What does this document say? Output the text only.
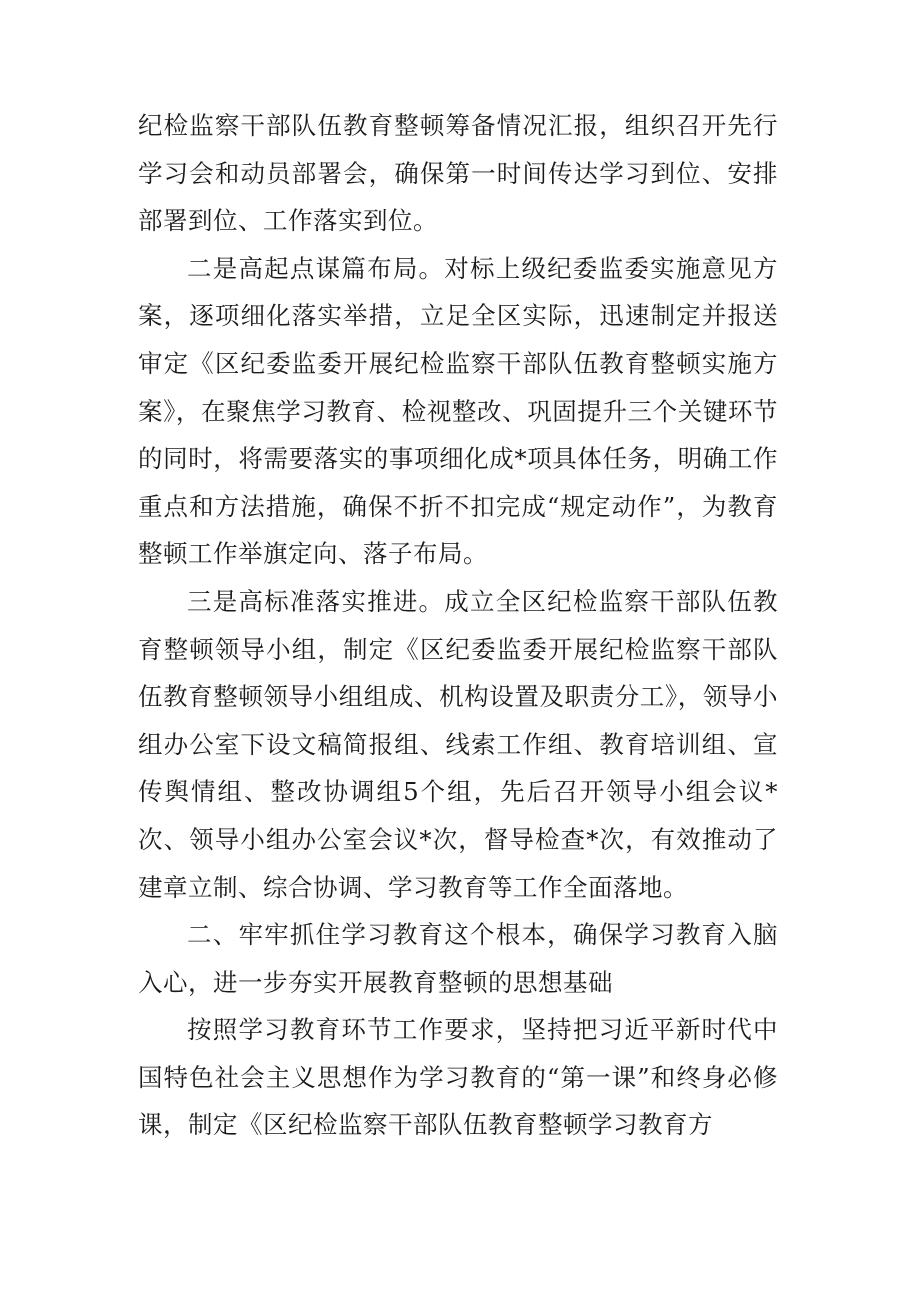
纪检监察干部队伍教育整顿筹备情况汇报，组织召开先行学习会和动员部署会，确保第一时间传达学习到位、安排部署到位、工作落实到位。

二是高起点谋篇布局。对标上级纪委监委实施意见方案，逐项细化落实举措，立足全区实际，迅速制定并报送审定《区纪委监委开展纪检监察干部队伍教育整顿实施方案》，在聚焦学习教育、检视整改、巩固提升三个关键环节的同时，将需要落实的事项细化成*项具体任务，明确工作重点和方法措施，确保不折不扣完成“规定动作”，为教育整顿工作举旗定向、落子布局。

三是高标准落实推进。成立全区纪检监察干部队伍教育整顿领导小组，制定《区纪委监委开展纪检监察干部队伍教育整顿领导小组组成、机构设置及职责分工》，领导小组办公室下设文稿简报组、线索工作组、教育培训组、宣传舆情组、整改协调组5个组，先后召开领导小组会议*次、领导小组办公室会议*次，督导检查*次，有效推动了建章立制、综合协调、学习教育等工作全面落地。

二、牢牢抓住学习教育这个根本，确保学习教育入脑入心，进一步夯实开展教育整顿的思想基础

按照学习教育环节工作要求，坚持把习近平新时代中国特色社会主义思想作为学习教育的“第一课”和终身必修课，制定《区纪检监察干部队伍教育整顿学习教育方
